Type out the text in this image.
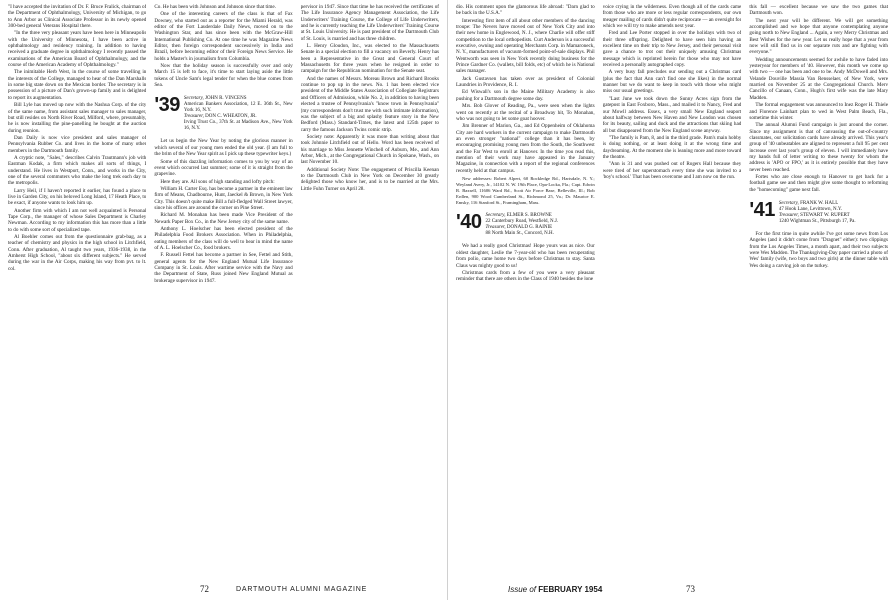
"I have accepted the invitation of Dr. F. Bruce Fralick, chairman of the Department of Ophthalmology, University of Michigan, to go to Ann Arbor as Clinical Associate Professor in its newly opened 300-bed general Veterans Hospital there.

"In the three very pleasant years have been here in Minneapolis with the University of Minnesota, I have been active in ophthalmology and residency training. In addition to having received a graduate degree in ophthalmology I recently passed the examinations of the American Board of Ophthalmology, and the course of the American Academy of Ophthalmology."

The inimitable Herb West, in the course of some travelling in the interests of the College, managed to hear of the Dan Marshalls in some big state down on the Mexican border. The secretary is in possession of a picture of Dan's grown-up family and is delighted to report its augmentation.

Bill Lyle has moved up now with the Nashua Corp. of the city of the same name, from assistant sales manager to sales manager, but still resides on North River Road, Milford, where, presumably, he is now installing the pine-panelling he bought at the auction during reunion.

Dan Daily is now vice president and sales manager of Pennsylvania Rubber Co. and lives in the home of many other members in the Dartmouth family.

A cryptic note, "Sales," describes Calvin Trautmann's job with Eastman Kodak, a firm which makes all sorts of things, I understand. He lives in Westport, Conn., and works in the City, one of the several commuters who make the long trek each day to the metropolis.

Larry Heil, if I haven't reported it earlier, has found a place to live in Garden City, on his beloved Long Island, 17 Heath Place, to be exact, if anyone wants to look him up.

Another firm with which I am not well acquainted is Personal Tape Corp., the manager of whose Sales Department is Charley Newman. According to my information this has more than a little to do with some sort of specialized tape.

Al Boehler comes out from the questionnaire grab-bag, as a teacher of chemistry and physics in the high school in Litchfield, Conn. After graduation, Al taught two years, 1936-1938, in the Amherst High School, "about six different subjects." He served during the war in the Air Corps, making his way from pvt. to lt. col.

Co. He has been with Johnson and Johnson since that time.

One of the interesting careers of the class is that of Fax Downey, who started out as a reporter for the Miami Herald, was editor of the Fort Lauderdale Daily News, moved on to the Washington Star, and has since been with the McGraw-Hill International Publishing Co. At one time he was Magazine News Editor, then foreign correspondent successively in India and Brazil, before becoming editor of their Foreign News Service. He holds a Master's in journalism from Columbia.

Now that the holiday season is successfully over and only March 15 is left to face, it's time to start laying aside the little tokens of Uncle Sam's legal tender for when the blue comes from Sea.

'39 Secretary, JOHN R. VINCENS
American Bankers Association, 12 E. 36th St., New York 16, N.Y.
Treasurer, DON C. WHEATON, JR.
Irving Trust Co., 37th St. at Madison Ave., New York 16, N.Y.

Let us begin the New Year by noting the glorious manner in which several of our young men ended the old year. (I am full to the brim of the New Year spirit as I pick up these typewriter keys.)

Some of this dazzling information comes to you by way of an event which occurred last summer; some of it is straight from the grapevine.

Here they are. All sons of high standing and lofty pitch:

William H. Carter Esq. has become a partner in the eminent law firm of Means, Chadbourne, Hunt, Jaeckel & Brown, in New York City. This doesn't quite make Bill a full-fledged Wall Street lawyer, since his offices are around the corner on Pine Street.

Richard M. Monahan has been made Vice President of the Newark Paper Box Co., in the New Jersey city of the same name.

Anthony L. Hoelscher has been elected president of the Philadelphia Food Brokers Association. When in Philadelphia, eating members of the class will do well to bear in mind the name of A. L. Hoelscher Co., food brokers.

F. Russell Fettel has become a partner in See, Fettel and Stith, general agents for the New England Mutual Life Insurance Company in St. Louis. After wartime service with the Navy and the Department of State, Russ joined New England Mutual as brokerage supervisor in 1947.

pervisor in 1947. Since that time he has received the certificates of The Life Insurance Agency Management Association, the Life Underwriters' Training Course, the College of Life Underwriters, and he is currently teaching the Life Underwriters' Training Course at St. Louis University. He is past president of the Dartmouth Club of St. Louis, is married and has three children.

L. Henry Gloudon, Inc., was elected to the Massachusetts Senate in a special election to fill a vacancy on Beverly. Henry has been a Representative in the Great and General Court of Massachusetts for three years when he resigned in order to campaign for the Republican nomination for the Senate seat.

And the names of Messrs. Moreau Brown and Richard Brooks continue to pop up in the news. No. 1 has been elected vice president of the Middle States Association of Collegiate Registrars and Officers of Admission, while No. 2, in addition to having been elected a trustee of Pennsylvania's "know town in Pennsylvania" (my correspondents don't trust me with such intimate information), was the subject of a big and splashy feature story in the New Bedford (Mass.) Standard-Times, the latest and 125th paper to carry the famous Jackson Twins comic strip.

Society note: Apparently it was more than writing about that took Johnnie Litchfield out of Hello. Word has been received of his marriage to Miss Jennette Winchell of Auburn, Me., and Ann Arbor, Mich., at the Congregational Church in Spokane, Wash., on last November 10.

Additional Society Note: The engagement of Priscilla Keenan to the Dartmouth Club in New York on December 30 greatly delighted those who know her, and is to be married at the Mrs. Little Fuhn Turner on April 28.

72	DARTMOUTH ALUMNI MAGAZINE

dio. His comment upon the glamorous life abroad: "Darn glad to be back in the U.S.A."

Interesting first item of all about other members of the dancing troupe: The Nevers have moved out of New York City and into their new home in Englewood, N. J., where Charlie will offer stiff competition to the local orthopedists. Curt Anderson is a successful executive, owning and operating Merchants Corp. in Mamaroneck, N. Y., manufacturers of vacuum-formed point-of-sale displays. Phil Wentworth was seen in New York recently doing business for the Prince Gardner Co. (wallets, bill folds, etc) of which he is National sales manager.

Jack Gustavsen has taken over as president of Colonial Laundries in Providence, R. I.

Ed Wiswall's son in the Maine Military Academy is also pushing for a Dartmouth degree some day.

Mrs. Bob Glover of Reading, Pa., were seen when the lights went on recently at the recital of a Broadway hit, To Monahan, who was not going to let some goat hoover.

Jim Brenner of Marion, Ga., and Ed Oppenheim of Oklahoma City are hard workers in the current campaign to make Dartmouth an even stronger "national" college than it has been, by encouraging promising young men from the South, the Southwest and the Far West to enroll at Hanover. In the time you read this, mention of their work may have appeared in the January Magazine, in connection with a report of the regional conferences recently held at that campus.

New addresses: Robert Alpert, 60 Rockledge Rd., Hartsdale, N. Y.; Weyland Avery, Jr., 14102 N. W. 19th Place, Opa-Locka, Fla.; Capt. Edwin R. Baxsell, 11606 Ward Rd., Scott Air Force Base, Belleville, Ill.; Bob Erdlen, 900 Wood Cumberland St., Richmond 25, Va.; Dr. Maurice E. Emsky, 116 Stanford St., Framingham, Mass.

'40 Secretary, ELMER S. BROWNE
22 Canterbury Road, Westfield, N.J.
Treasurer, DONALD G. RAINIE
88 North Main St., Concord, N.H.

We had a really good Christmas! Hope yours was as nice. Our oldest daughter, Leslie the 7-year-old who has been recuperating from polio, came home two days before Christmas to stay. Santa Claus was mighty good to us!

Christmas cards from a few of you were a very pleasant reminder that there are others in the Class of 1940 besides the lone

voice crying in the wilderness. Even though all of the cards came from those who are more or less regular correspondents, our own meager mailing of cards didn't quite reciprocate — an oversight for which we will try to make amends next year.

Fred and Lee Porter stopped in over the holidays with two of their three offspring. Delighted to have seen him having an excellent time on their trip to New Jersey, and their personal visit gave a chance to trot out their uniquely amusing Christmas message which is reprinted herein for those who may not have received a personally autographed copy.

A very busy fall precludes our sending out a Christmas card (plus the fact that Ann can't find one she likes) in the normal manner but we do want to keep in touch with those who might miss our usual greetings.

"Last June we took down the Sunny Acres sign from the gatepost in East Foxboro, Mass., and mailed it to Nancy, Fred and our Mowll address. Essex, a very small New England seaport about halfway between New Haven and New London was chosen for its beauty, sailing and duck and the attractions that skiing had all but disappeared from the New England scene anyway.

"The family is Pam, 8, and in the third grade. Pam's main hobby is doing nothing, or at least doing it at the wrong time and daydreaming. At the moment she is leaning more and more toward the theatre.

"Ann is 31 and was pushed out of Rogers Hall because they were tired of her superstomach every time she was invited to a 'boy's school.' That has been overcome and I am now on the run.

this fall — excellent because we saw the two games that Dartmouth won.

The next year will be different. We will get something accomplished and we hope that anyone contemplating anyone going north to New England ... Again, a very Merry Christmas and Best Wishes for the new year. Let us really hope that a year from now will still find us in our separate ruts and are fighting with everyone."

Wedding announcements seemed for awhile to have faded into yesteryear for members of '40. However, this month we come up with two — one has been and one to be. Andy McDowell and Mrs. Velande Douville Massia Van Rensselaer, of New York, were married on November 25 at the Congregational Church. Merv Cancillo of Canaan, Conn., Hugh's first wife was the late Mary Madden.

The formal engagement was announced to Inez Roger H. Thiele and Florence Lainhart plan to wed in West Palm Beach, Fla., sometime this winter.

The annual Alumni Fund campaign is just around the corner. Since my assignment is that of canvassing the out-of-country classmates, our solicitation cards have already arrived. This year's group of '40 unbeatables are aligned to represent a full 95 per cent increase over last year's group of eleven. I will immediately have my hands full of letter writing to these twenty for whom the address is 'APO or FPO,' as it is entirely possible that they have never been reached.

Fortes who are close enough to Hanover to get back for a football game see and then might give some thought to reforming the "homecoming" game next fall.

'41 Secretary, FRANK W. HALL
47 Hook Lane, Levittown, N.Y.
Treasurer, STEWART W. RUPERT
1240 Wightman St., Pittsburgh 17, Pa.

For the first time in quite awhile I've got some news from Los Angeles (and it didn't come from "Dragnet" either): two clippings from the Los Angeles Times, a month apart, and their two subjects were Wes Madden. The Thanksgiving-Day paper carried a photo of Wes' family (wife, two boys and two girls) at the dinner table with Wes doing a carving job on the turkey.

Issue of FEBRUARY 1954	73
